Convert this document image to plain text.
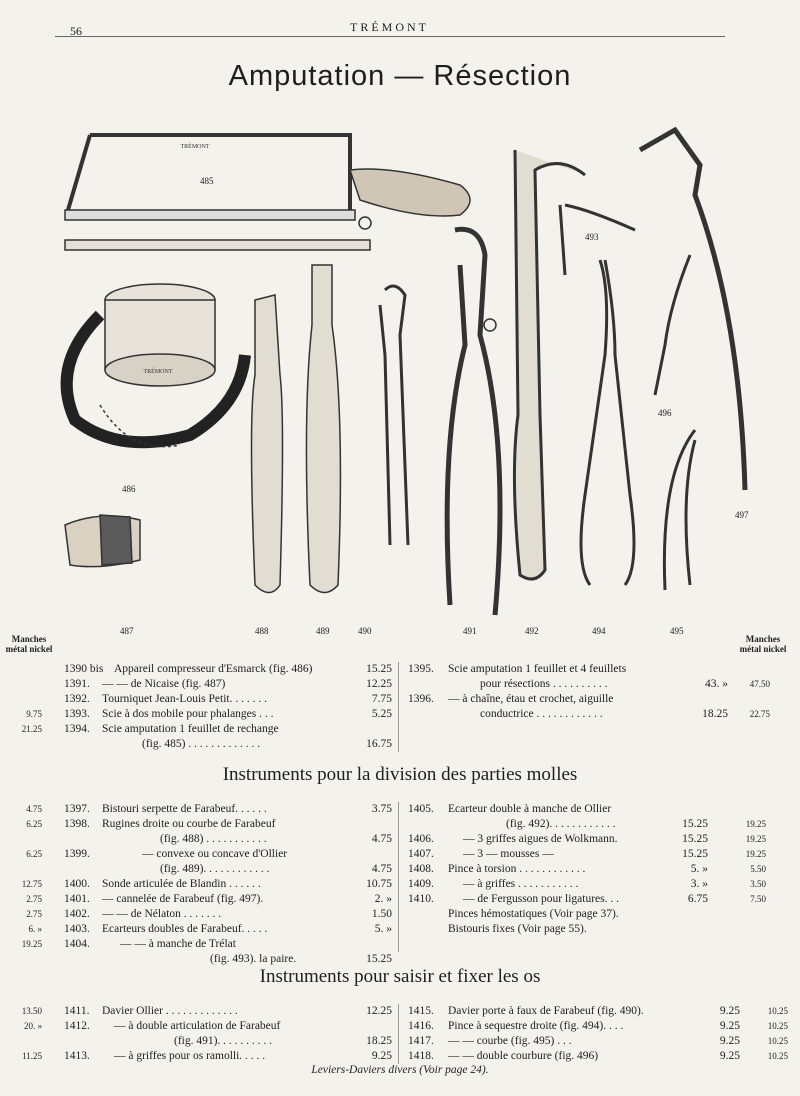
56	TRÉMONT
Amputation — Résection
TRÉMONT
TRÉMONT
485
486
487	488	489	490	491	492
493
494	495
496
497
Manches métal nickel
Manches métal nickel
1390 bis Appareil compresseur d'Esmarck (fig. 486)	15.25
1391. — — de Nicaise (fig. 487)	12.25
1392. Tourniquet Jean-Louis Petit. . . . . . .	7.75
9.75 1393. Scie à dos mobile pour phalanges . . .	5.25
21.25 1394. Scie amputation 1 feuillet de rechange
(fig. 485) . . . . . . . . . . . . .	16.75
1395. Scie amputation 1 feuillet et 4 feuillets
pour résections . . . . . . . . . .	43. »	47.50
1396. — à chaîne, étau et crochet, aiguille
conductrice . . . . . . . . . . . .	18.25	22.75
Instruments pour la division des parties molles
4.75 1397. Bistouri serpette de Farabeuf. . . . . .	3.75
6.25 1398. Rugines droite ou courbe de Farabeuf
(fig. 488) . . . . . . . . . . .	4.75
6.25 1399.	— convexe ou concave d'Ollier
(fig. 489). . . . . . . . . . . .	4.75
12.75 1400. Sonde articulée de Blandin . . . . . .	10.75
2.75 1401. — cannelée de Farabeuf (fig. 497).	2. »
2.75 1402. — — de Nélaton . . . . . . .	1.50
6. » 1403. Ecarteurs doubles de Farabeuf. . . . .	5. »
19.25 1404.	— — à manche de Trélat
(fig. 493). la paire.	15.25
1405. Ecarteur double à manche de Ollier
(fig. 492). . . . . . . . . . . .	15.25	19.25
1406.	— 3 griffes aigues de Wolkmann.	15.25	19.25
1407.	— 3 — mousses —	15.25	19.25
1408. Pince à torsion . . . . . . . . . . . .	5. »	5.50
1409.	— à griffes . . . . . . . . . . .	3. »	3.50
1410.	— de Fergusson pour ligatures. . .	6.75	7.50
Pinces hémostatiques (Voir page 37).
Bistouris fixes (Voir page 55).
Instruments pour saisir et fixer les os
13.50 1411. Davier Ollier . . . . . . . . . . . . .	12.25
20. » 1412. — à double articulation de Farabeuf
(fig. 491). . . . . . . . . .	18.25
11.25 1413. — à griffes pour os ramolli. . . . .	9.25
1415. Davier porte à faux de Farabeuf (fig. 490).	9.25	10.25
1416. Pince à sequestre droite (fig. 494). . . .	9.25	10.25
1417. — — courbe (fig. 495) . . .	9.25	10.25
1418. — — double courbure (fig. 496)	9.25	10.25
Leviers-Daviers divers (Voir page 24).
